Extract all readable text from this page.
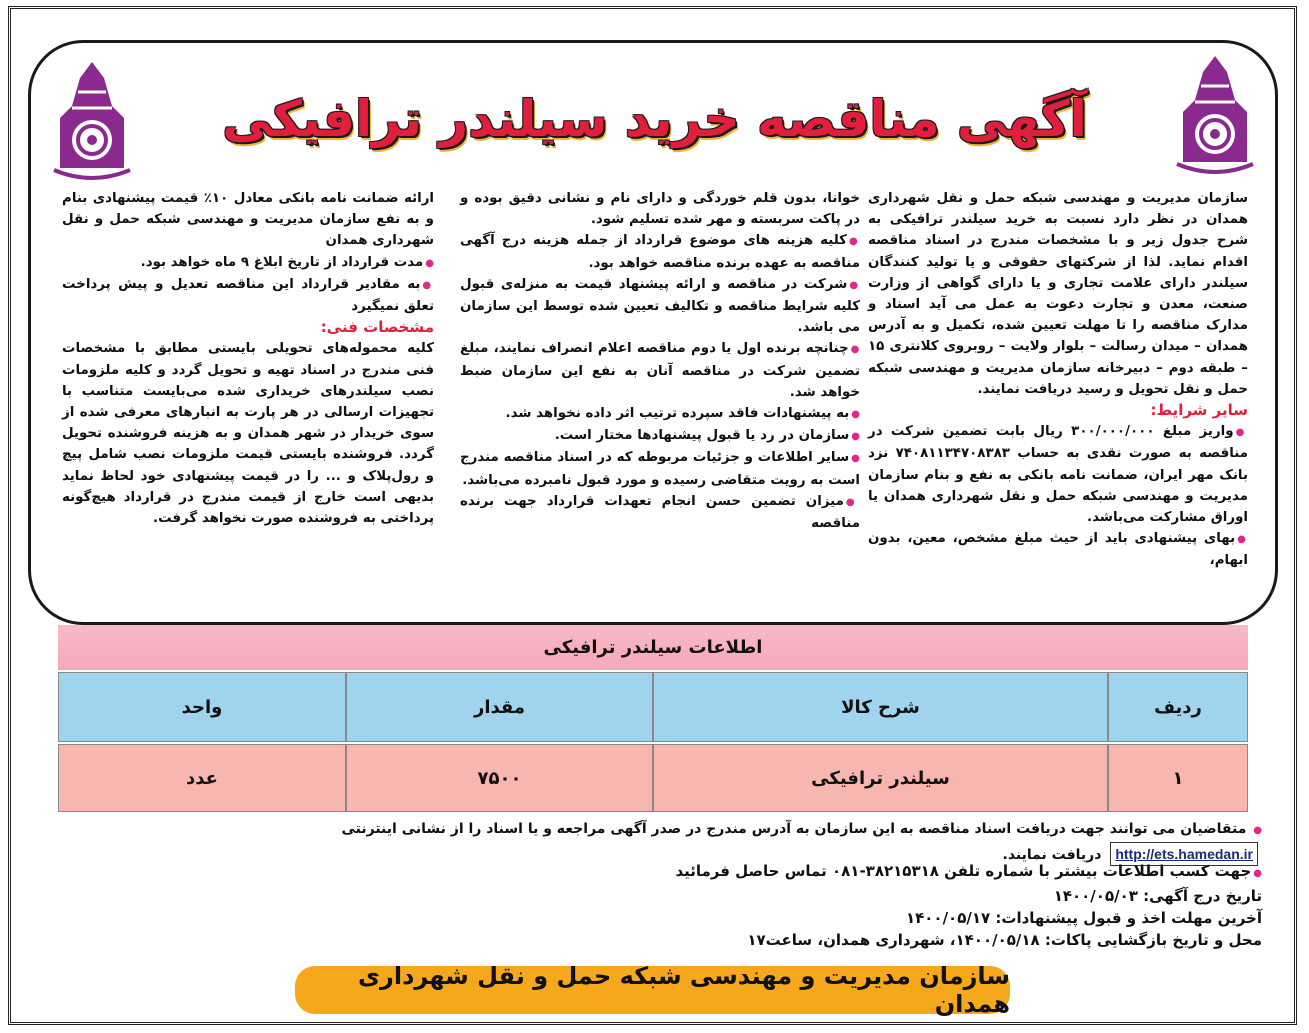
آگهی مناقصه خرید سیلندر ترافیکی

سازمان مدیریت و مهندسی شبکه حمل و نقل شهرداری همدان در نظر دارد نسبت به خرید سیلندر ترافیکی به شرح جدول زیر و با مشخصات مندرج در اسناد مناقصه اقدام نماید. لذا از شرکتهای حقوقی و یا تولید کنندگان سیلندر دارای علامت تجاری و یا دارای گواهی از وزارت صنعت، معدن و تجارت دعوت به عمل می آید اسناد و مدارک مناقصه را تا مهلت تعیین شده، تکمیل و به آدرس همدان – میدان رسالت – بلوار ولایت – روبروی کلانتری ۱۵ – طبقه دوم – دبیرخانه سازمان مدیریت و مهندسی شبکه حمل و نقل تحویل و رسید دریافت نمایند.

سایر شرایط:

● واریز مبلغ ۳۰۰/۰۰۰/۰۰۰ ریال بابت تضمین شرکت در مناقصه به صورت نقدی به حساب ۷۴۰۸۱۱۳۴۷۰۸۳۸۳ نزد بانک مهر ایران، ضمانت نامه بانکی به نفع و بنام سازمان مدیریت و مهندسی شبکه حمل و نقل شهرداری همدان یا اوراق مشارکت می‌باشد.

● بهای پیشنهادی باید از حیث مبلغ مشخص، معین، بدون ابهام،

خوانا، بدون قلم خوردگی و دارای نام و نشانی دقیق بوده و در پاکت سربسته و مهر شده تسلیم شود.

● کلیه هزینه های موضوع قرارداد از جمله هزینه درج آگهی مناقصه به عهده برنده مناقصه خواهد بود.

● شرکت در مناقصه و ارائه پیشنهاد قیمت به منزله‌ی قبول کلیه شرایط مناقصه و تکالیف تعیین شده توسط این سازمان می باشد.

● چنانچه برنده اول یا دوم مناقصه اعلام انصراف نمایند، مبلغ تضمین شرکت در مناقصه آنان به نفع این سازمان ضبط خواهد شد.

● به پیشنهادات فاقد سپرده ترتیب اثر داده نخواهد شد.

● سازمان در رد یا قبول پیشنهادها مختار است.

● سایر اطلاعات و جزئیات مربوطه که در اسناد مناقصه مندرج است به رویت متقاضی رسیده و مورد قبول نامبرده می‌باشد.

● میزان تضمین حسن انجام تعهدات قرارداد جهت برنده مناقصه

ارائه ضمانت نامه بانکی معادل ۱۰٪ قیمت پیشنهادی بنام و به نفع سازمان مدیریت و مهندسی شبکه حمل و نقل شهرداری همدان

● مدت قرارداد از تاریخ ابلاغ ۹ ماه خواهد بود.

● به مقادیر قرارداد این مناقصه تعدیل و پیش پرداخت تعلق نمیگیرد

مشخصات فنی:

کلیه محموله‌های تحویلی بایستی مطابق با مشخصات فنی مندرج در اسناد تهیه و تحویل گردد و کلیه ملزومات نصب سیلندرهای خریداری شده می‌بایست متناسب با تجهیزات ارسالی در هر پارت به انبارهای معرفی شده از سوی خریدار در شهر همدان و به هزینه فروشنده تحویل گردد. فروشنده بایستی قیمت ملزومات نصب شامل پیچ و رول‌پلاک و ... را در قیمت پیشنهادی خود لحاظ نماید بدیهی است خارج از قیمت مندرج در قرارداد هیچ‌گونه پرداختی به فروشنده صورت نخواهد گرفت.

اطلاعات سیلندر ترافیکی
ردیف
شرح کالا
مقدار
واحد
۱
سیلندر ترافیکی
۷۵۰۰
عدد

● متقاضیان می توانند جهت دریافت اسناد مناقصه به این سازمان به آدرس مندرج در صدر آگهی مراجعه و یا اسناد را از نشانی اینترنتی http://ets.hamedan.ir دریافت نمایند.

● جهت کسب اطلاعات بیشتر با شماره تلفن ۳۸۲۱۵۳۱۸-۰۸۱ تماس حاصل فرمائید

تاریخ درج آگهی: ۱۴۰۰/۰۵/۰۳

آخرین مهلت اخذ و قبول پیشنهادات: ۱۴۰۰/۰۵/۱۷

محل و تاریخ بازگشایی پاکات: ۱۴۰۰/۰۵/۱۸، شهرداری همدان، ساعت۱۷

سازمان مدیریت و مهندسی شبکه حمل و نقل شهرداری همدان
